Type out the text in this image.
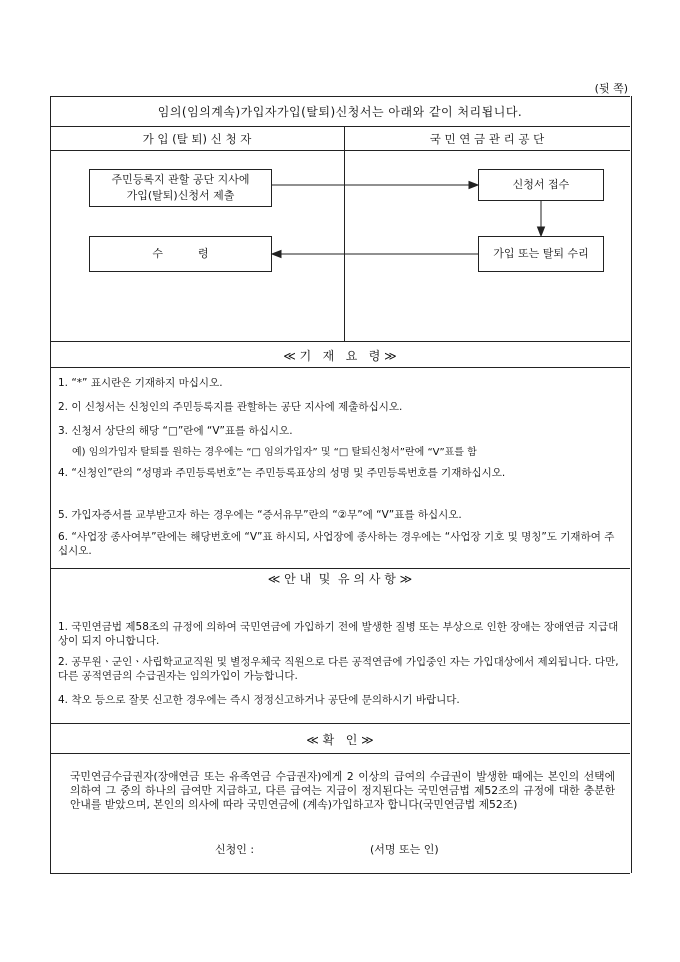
(뒷 쪽)
임의(임의계속)가입자가입(탈퇴)신청서는 아래와 같이 처리됩니다.
가 입 (탈 퇴) 신 청 자	국 민 연 금 관 리 공 단
주민등록지 관할 공단 지사에
가입(탈퇴)신청서 제출
신청서 접수
가입 또는 탈퇴 수리
수          령
≪ 기   재   요   령 ≫
1. “*” 표시란은 기재하지 마십시오.
2. 이 신청서는 신청인의 주민등록지를 관할하는 공단 지사에 제출하십시오.
3. 신청서 상단의 해당 “□”란에 “V”표를 하십시오.
예) 임의가입자 탈퇴를 원하는 경우에는 “□ 임의가입자” 및 “□ 탈퇴신청서”란에 “V”표를 함
4. “신청인”란의 “성명과 주민등록번호”는 주민등록표상의 성명 및 주민등록번호를 기재하십시오.
5. 가입자증서를 교부받고자 하는 경우에는 “증서유무”란의 “②무”에 “V”표를 하십시오.
6. “사업장 종사여부”란에는 해당번호에 “V”표 하시되, 사업장에 종사하는 경우에는 “사업장 기호 및 명칭”도 기재하여 주십시오.
≪ 안 내  및  유 의 사 항 ≫
1. 국민연금법 제58조의 규정에 의하여 국민연금에 가입하기 전에 발생한 질병 또는 부상으로 인한 장애는 장애연금 지급대상이 되지 아니합니다.
2. 공무원ㆍ군인ㆍ사립학교교직원 및 별정우체국 직원으로 다른 공적연금에 가입중인 자는 가입대상에서 제외됩니다. 다만, 다른 공적연금의 수급권자는 임의가입이 가능합니다.
4. 착오 등으로 잘못 신고한 경우에는 즉시 정정신고하거나 공단에 문의하시기 바랍니다.
≪ 확   인 ≫
국민연금수급권자(장애연금 또는 유족연금 수급권자)에게 2 이상의 급여의 수급권이 발생한 때에는 본인의 선택에 의하여 그 중의 하나의 급여만 지급하고, 다른 급여는 지급이 정지된다는 국민연금법 제52조의 규정에 대한 충분한 안내를 받았으며, 본인의 의사에 따라 국민연금에 (계속)가입하고자 합니다(국민연금법 제52조)
신청인 :	(서명 또는 인)
